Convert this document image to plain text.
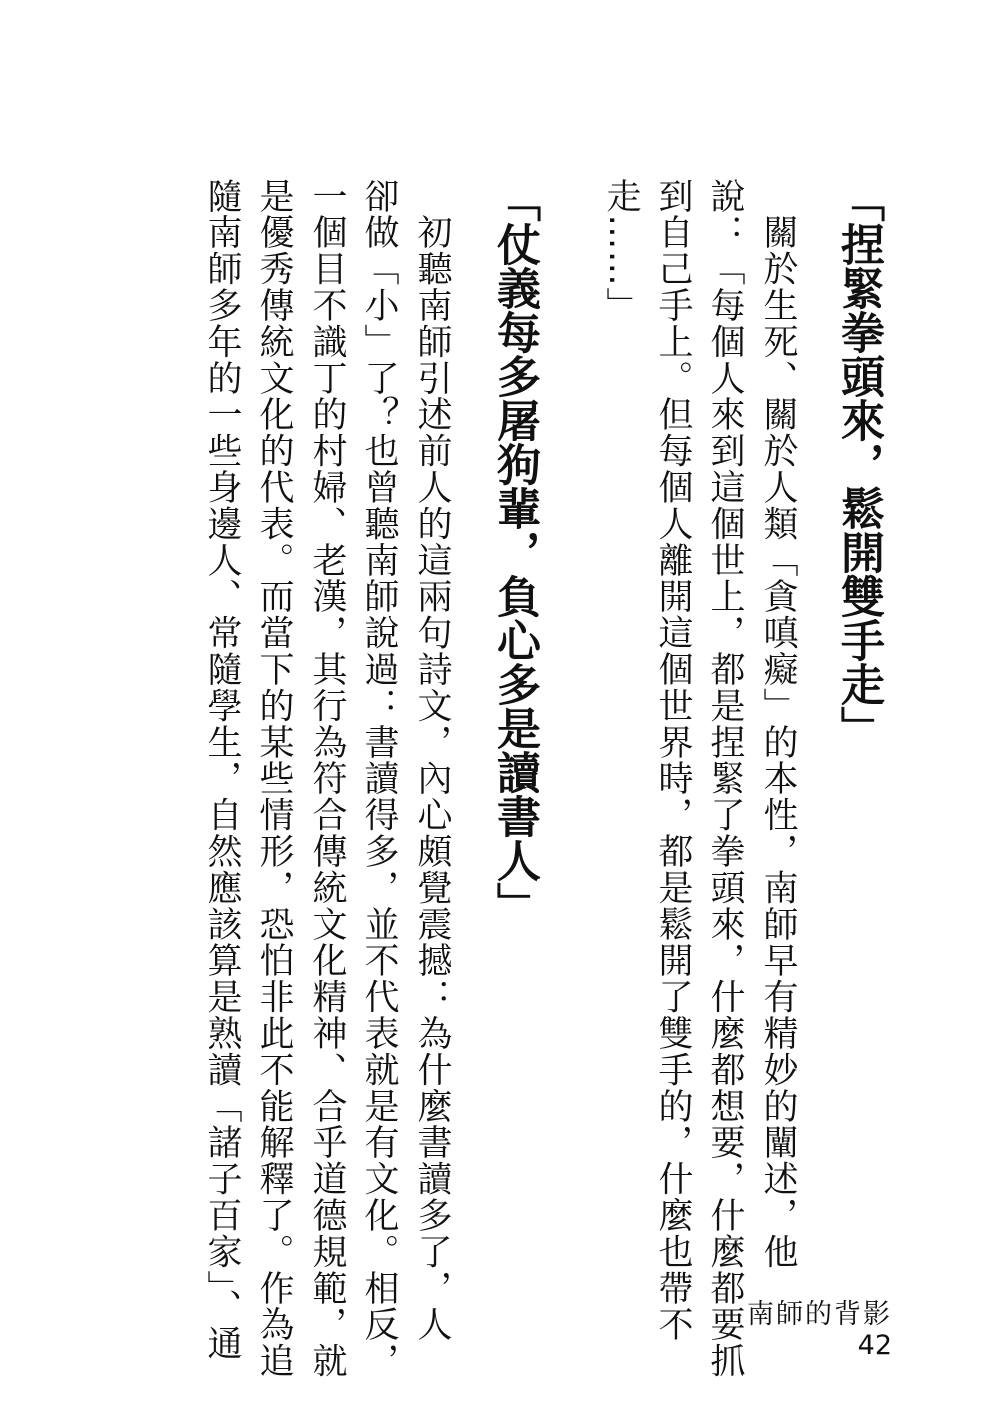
「捏緊拳頭來，鬆開雙手走」
　關於生死、關於人類「貪嗔癡」的本性，南師早有精妙的闡述，他
說：「每個人來到這個世上，都是捏緊了拳頭來，什麼都想要，什麼都要抓
到自己手上。但每個人離開這個世界時，都是鬆開了雙手的，什麼也帶不
走……」
「仗義每多屠狗輩，負心多是讀書人」
　初聽南師引述前人的這兩句詩文，內心頗覺震撼：為什麼書讀多了，人
卻做「小」了？也曾聽南師說過：書讀得多，並不代表就是有文化。相反，
一個目不識丁的村婦、老漢，其行為符合傳統文化精神、合乎道德規範，就
是優秀傳統文化的代表。而當下的某些情形，恐怕非此不能解釋了。作為追
隨南師多年的一些身邊人、常隨學生，自然應該算是熟讀「諸子百家」、通	南師的背影
42
